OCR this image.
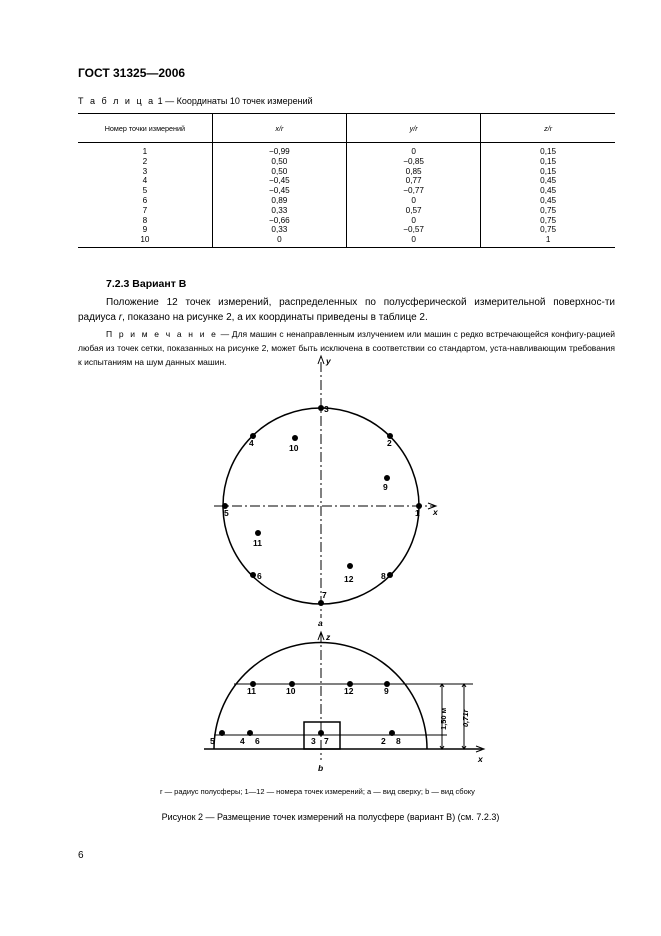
ГОСТ 31325—2006
Т а б л и ц а 1 — Координаты 10 точек измерений
Номер точки измерений	x/r	y/r	z/r
1	−0,99	0	0,15
2	0,50	−0,85	0,15
3	0,50	0,85	0,15
4	−0,45	0,77	0,45
5	−0,45	−0,77	0,45
6	0,89	0	0,45
7	0,33	0,57	0,75
8	−0,66	0	0,75
9	0,33	−0,57	0,75
10	0	0	1
7.2.3 Вариант В
Положение 12 точек измерений, распределенных по полусферической измерительной поверхнос-ти радиуса r, показано на рисунке 2, а их координаты приведены в таблице 2.
П р и м е ч а н и е — Для машин с ненаправленным излучением или машин с редко встречающейся конфигу-рацией любая из точек сетки, показанных на рисунке 2, может быть исключена в соответствии со стандартом, уста-навливающим требования к испытаниям на шум данных машин.	y
x
1
2
3
4
5
6
7
8
9
10
11
12
a
z
x
11	10	12	9
5	4 6	3 7	2 8
b
1,50 м 0,71r
r — радиус полусферы; 1—12 — номера точек измерений; a — вид сверху; b — вид сбоку
Рисунок 2 — Размещение точек измерений на полусфере (вариант В) (см. 7.2.3)
6
